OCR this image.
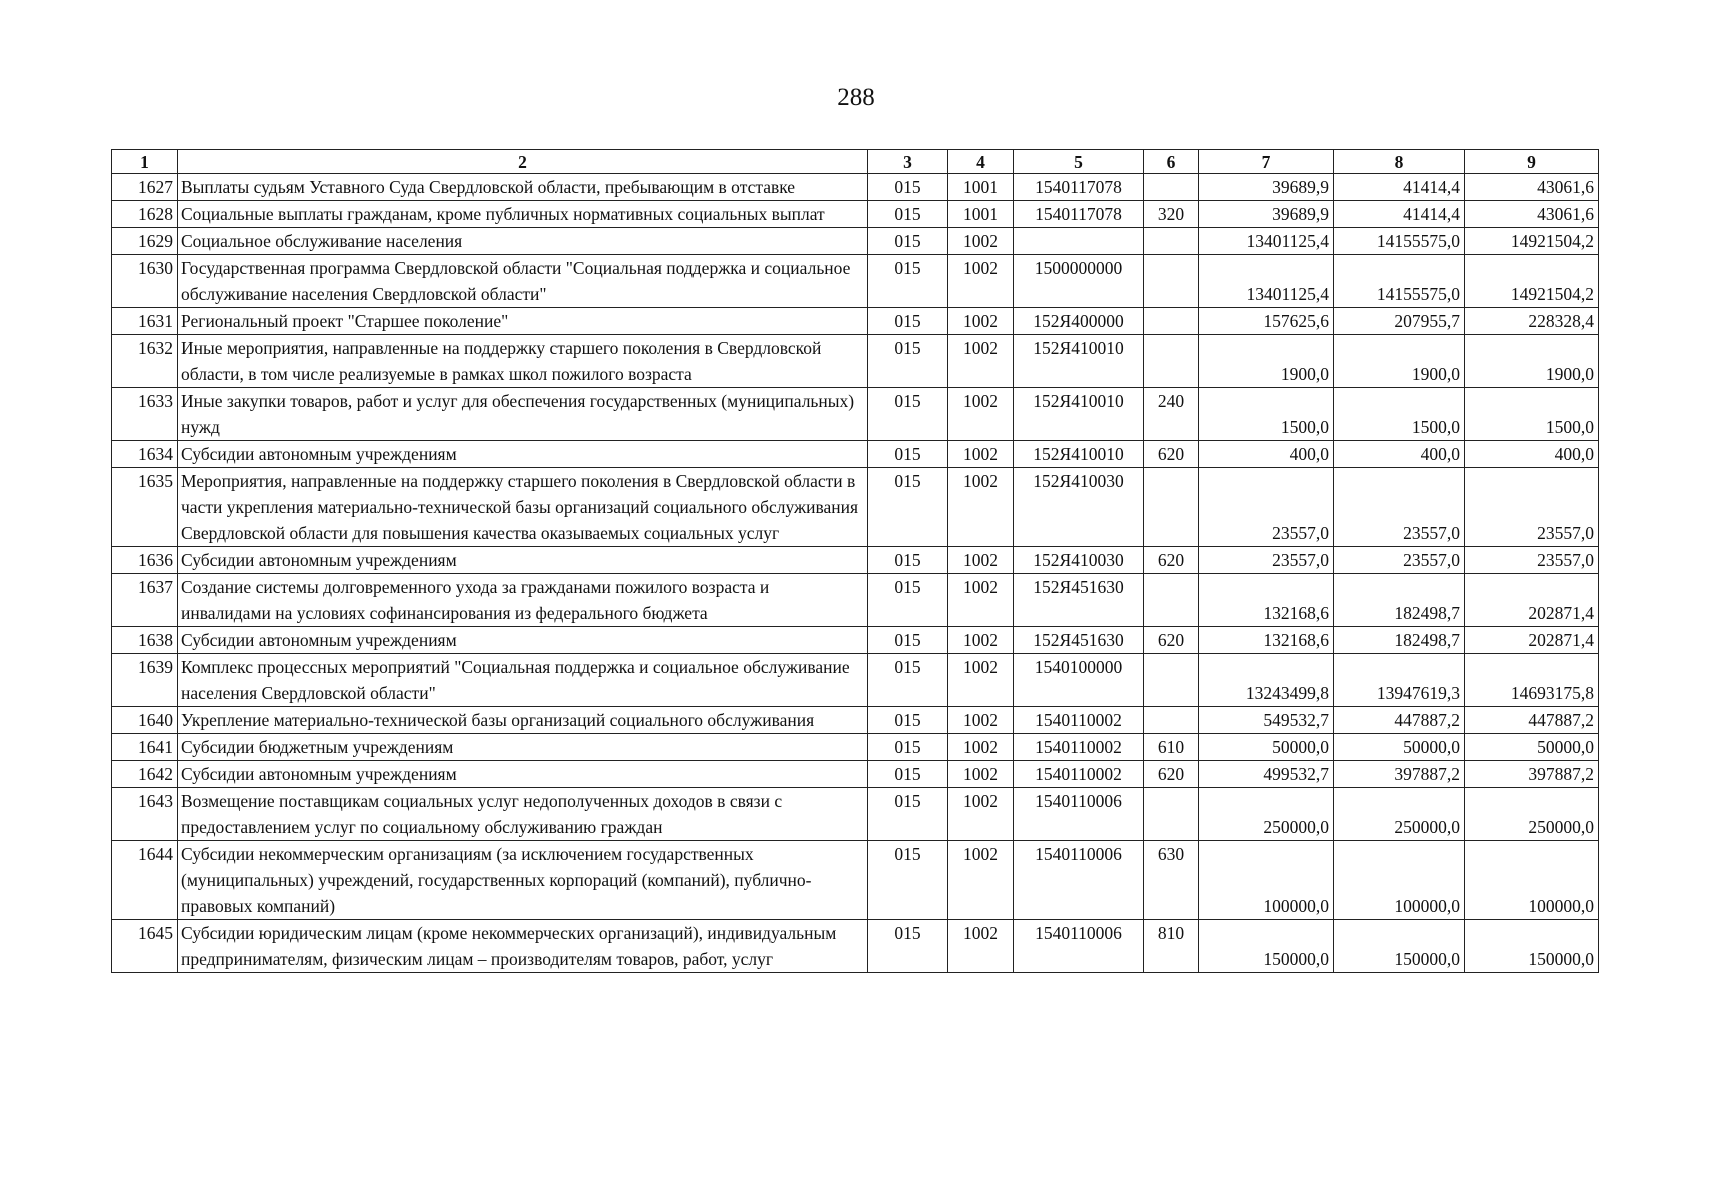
288
1	2	3	4	5	6	7	8	9
1627	Выплаты судьям Уставного Суда Свердловской области, пребывающим в отставке	015	1001	1540117078		39689,9	41414,4	43061,6
1628	Социальные выплаты гражданам, кроме публичных нормативных социальных выплат	015	1001	1540117078	320	39689,9	41414,4	43061,6
1629	Социальное обслуживание населения	015	1002			13401125,4	14155575,0	14921504,2
1630	Государственная программа Свердловской области "Социальная поддержка и социальное обслуживание населения Свердловской области"	015	1002	1500000000		13401125,4	14155575,0	14921504,2
1631	Региональный проект "Старшее поколение"	015	1002	152Я400000		157625,6	207955,7	228328,4
1632	Иные мероприятия, направленные на поддержку старшего поколения в Свердловской области, в том числе реализуемые в рамках школ пожилого возраста	015	1002	152Я410010		1900,0	1900,0	1900,0
1633	Иные закупки товаров, работ и услуг для обеспечения государственных (муниципальных) нужд	015	1002	152Я410010	240	1500,0	1500,0	1500,0
1634	Субсидии автономным учреждениям	015	1002	152Я410010	620	400,0	400,0	400,0
1635	Мероприятия, направленные на поддержку старшего поколения в Свердловской области в части укрепления материально-технической базы организаций социального обслуживания Свердловской области для повышения качества оказываемых социальных услуг	015	1002	152Я410030		23557,0	23557,0	23557,0
1636	Субсидии автономным учреждениям	015	1002	152Я410030	620	23557,0	23557,0	23557,0
1637	Создание системы долговременного ухода за гражданами пожилого возраста и инвалидами на условиях софинансирования из федерального бюджета	015	1002	152Я451630		132168,6	182498,7	202871,4
1638	Субсидии автономным учреждениям	015	1002	152Я451630	620	132168,6	182498,7	202871,4
1639	Комплекс процессных мероприятий "Социальная поддержка и социальное обслуживание населения Свердловской области"	015	1002	1540100000		13243499,8	13947619,3	14693175,8
1640	Укрепление материально-технической базы организаций социального обслуживания	015	1002	1540110002		549532,7	447887,2	447887,2
1641	Субсидии бюджетным учреждениям	015	1002	1540110002	610	50000,0	50000,0	50000,0
1642	Субсидии автономным учреждениям	015	1002	1540110002	620	499532,7	397887,2	397887,2
1643	Возмещение поставщикам социальных услуг недополученных доходов в связи с предоставлением услуг по социальному обслуживанию граждан	015	1002	1540110006		250000,0	250000,0	250000,0
1644	Субсидии некоммерческим организациям (за исключением государственных (муниципальных) учреждений, государственных корпораций (компаний), публично-правовых компаний)	015	1002	1540110006	630	100000,0	100000,0	100000,0
1645	Субсидии юридическим лицам (кроме некоммерческих организаций), индивидуальным предпринимателям, физическим лицам – производителям товаров, работ, услуг	015	1002	1540110006	810	150000,0	150000,0	150000,0
